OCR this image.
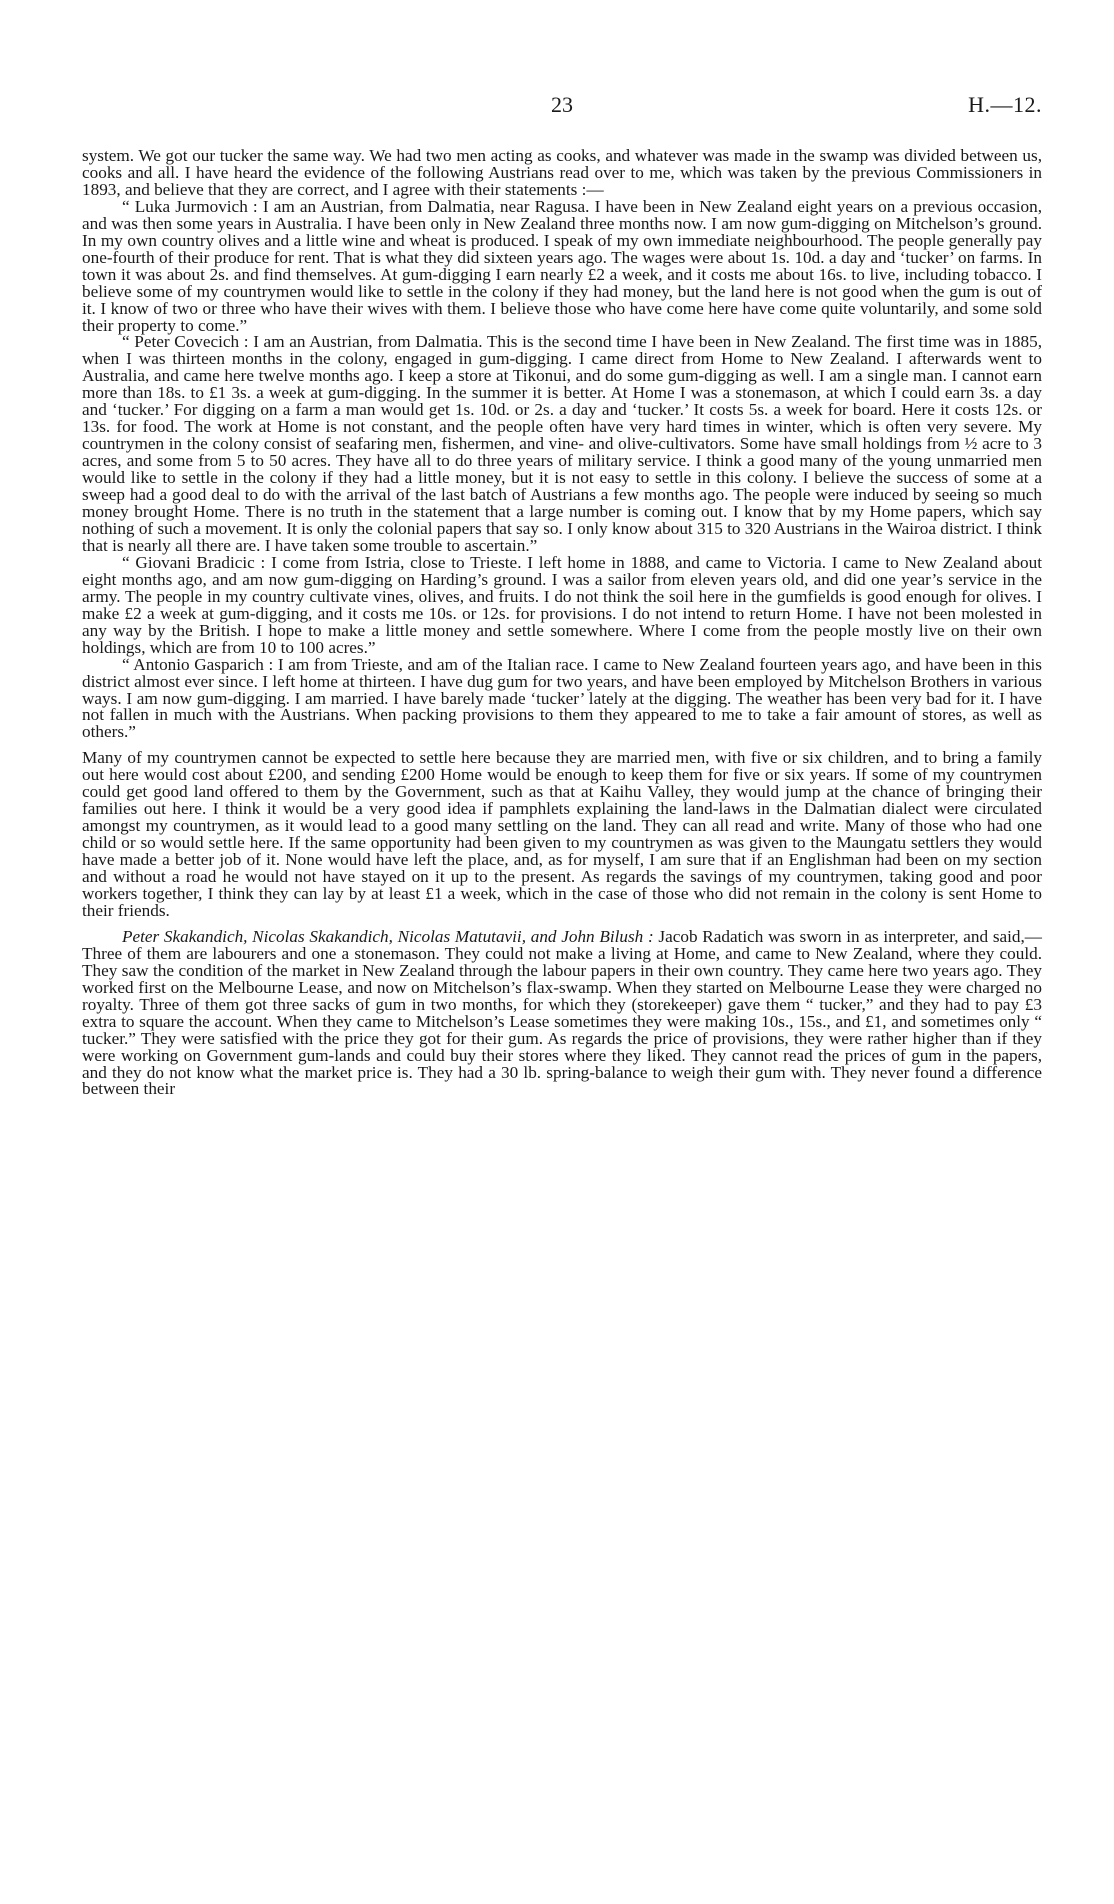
23	H.—12.

system. We got our tucker the same way. We had two men acting as cooks, and whatever was made in the swamp was divided between us, cooks and all. I have heard the evidence of the following Austrians read over to me, which was taken by the previous Commissioners in 1893, and believe that they are correct, and I agree with their statements :—

“ Luka Jurmovich : I am an Austrian, from Dalmatia, near Ragusa. I have been in New Zealand eight years on a previous occasion, and was then some years in Australia. I have been only in New Zealand three months now. I am now gum-digging on Mitchelson’s ground. In my own country olives and a little wine and wheat is produced. I speak of my own immediate neighbourhood. The people generally pay one-fourth of their produce for rent. That is what they did sixteen years ago. The wages were about 1s. 10d. a day and ‘tucker’ on farms. In town it was about 2s. and find themselves. At gum-digging I earn nearly £2 a week, and it costs me about 16s. to live, including tobacco. I believe some of my countrymen would like to settle in the colony if they had money, but the land here is not good when the gum is out of it. I know of two or three who have their wives with them. I believe those who have come here have come quite voluntarily, and some sold their property to come.”

“ Peter Covecich : I am an Austrian, from Dalmatia. This is the second time I have been in New Zealand. The first time was in 1885, when I was thirteen months in the colony, engaged in gum-digging. I came direct from Home to New Zealand. I afterwards went to Australia, and came here twelve months ago. I keep a store at Tikonui, and do some gum-digging as well. I am a single man. I cannot earn more than 18s. to £1 3s. a week at gum-digging. In the summer it is better. At Home I was a stonemason, at which I could earn 3s. a day and ‘tucker.’ For digging on a farm a man would get 1s. 10d. or 2s. a day and ‘tucker.’ It costs 5s. a week for board. Here it costs 12s. or 13s. for food. The work at Home is not constant, and the people often have very hard times in winter, which is often very severe. My countrymen in the colony consist of seafaring men, fishermen, and vine- and olive-cultivators. Some have small holdings from ½ acre to 3 acres, and some from 5 to 50 acres. They have all to do three years of military service. I think a good many of the young unmarried men would like to settle in the colony if they had a little money, but it is not easy to settle in this colony. I believe the success of some at a sweep had a good deal to do with the arrival of the last batch of Austrians a few months ago. The people were induced by seeing so much money brought Home. There is no truth in the statement that a large number is coming out. I know that by my Home papers, which say nothing of such a movement. It is only the colonial papers that say so. I only know about 315 to 320 Austrians in the Wairoa district. I think that is nearly all there are. I have taken some trouble to ascertain.”

“ Giovani Bradicic : I come from Istria, close to Trieste. I left home in 1888, and came to Victoria. I came to New Zealand about eight months ago, and am now gum-digging on Harding’s ground. I was a sailor from eleven years old, and did one year’s service in the army. The people in my country cultivate vines, olives, and fruits. I do not think the soil here in the gumfields is good enough for olives. I make £2 a week at gum-digging, and it costs me 10s. or 12s. for provisions. I do not intend to return Home. I have not been molested in any way by the British. I hope to make a little money and settle somewhere. Where I come from the people mostly live on their own holdings, which are from 10 to 100 acres.”

“ Antonio Gasparich : I am from Trieste, and am of the Italian race. I came to New Zealand fourteen years ago, and have been in this district almost ever since. I left home at thirteen. I have dug gum for two years, and have been employed by Mitchelson Brothers in various ways. I am now gum-digging. I am married. I have barely made ‘tucker’ lately at the digging. The weather has been very bad for it. I have not fallen in much with the Austrians. When packing provisions to them they appeared to me to take a fair amount of stores, as well as others.”

Many of my countrymen cannot be expected to settle here because they are married men, with five or six children, and to bring a family out here would cost about £200, and sending £200 Home would be enough to keep them for five or six years. If some of my countrymen could get good land offered to them by the Government, such as that at Kaihu Valley, they would jump at the chance of bringing their families out here. I think it would be a very good idea if pamphlets explaining the land-laws in the Dalmatian dialect were circulated amongst my countrymen, as it would lead to a good many settling on the land. They can all read and write. Many of those who had one child or so would settle here. If the same opportunity had been given to my countrymen as was given to the Maungatu settlers they would have made a better job of it. None would have left the place, and, as for myself, I am sure that if an Englishman had been on my section and without a road he would not have stayed on it up to the present. As regards the savings of my countrymen, taking good and poor workers together, I think they can lay by at least £1 a week, which in the case of those who did not remain in the colony is sent Home to their friends.

Peter Skakandich, Nicolas Skakandich, Nicolas Matutavii, and John Bilush : Jacob Radatich was sworn in as interpreter, and said,—Three of them are labourers and one a stonemason. They could not make a living at Home, and came to New Zealand, where they could. They saw the condition of the market in New Zealand through the labour papers in their own country. They came here two years ago. They worked first on the Melbourne Lease, and now on Mitchelson’s flax-swamp. When they started on Melbourne Lease they were charged no royalty. Three of them got three sacks of gum in two months, for which they (storekeeper) gave them “ tucker,” and they had to pay £3 extra to square the account. When they came to Mitchelson’s Lease sometimes they were making 10s., 15s., and £1, and sometimes only “ tucker.” They were satisfied with the price they got for their gum. As regards the price of provisions, they were rather higher than if they were working on Government gum-lands and could buy their stores where they liked. They cannot read the prices of gum in the papers, and they do not know what the market price is. They had a 30 lb. spring-balance to weigh their gum with. They never found a difference between their
